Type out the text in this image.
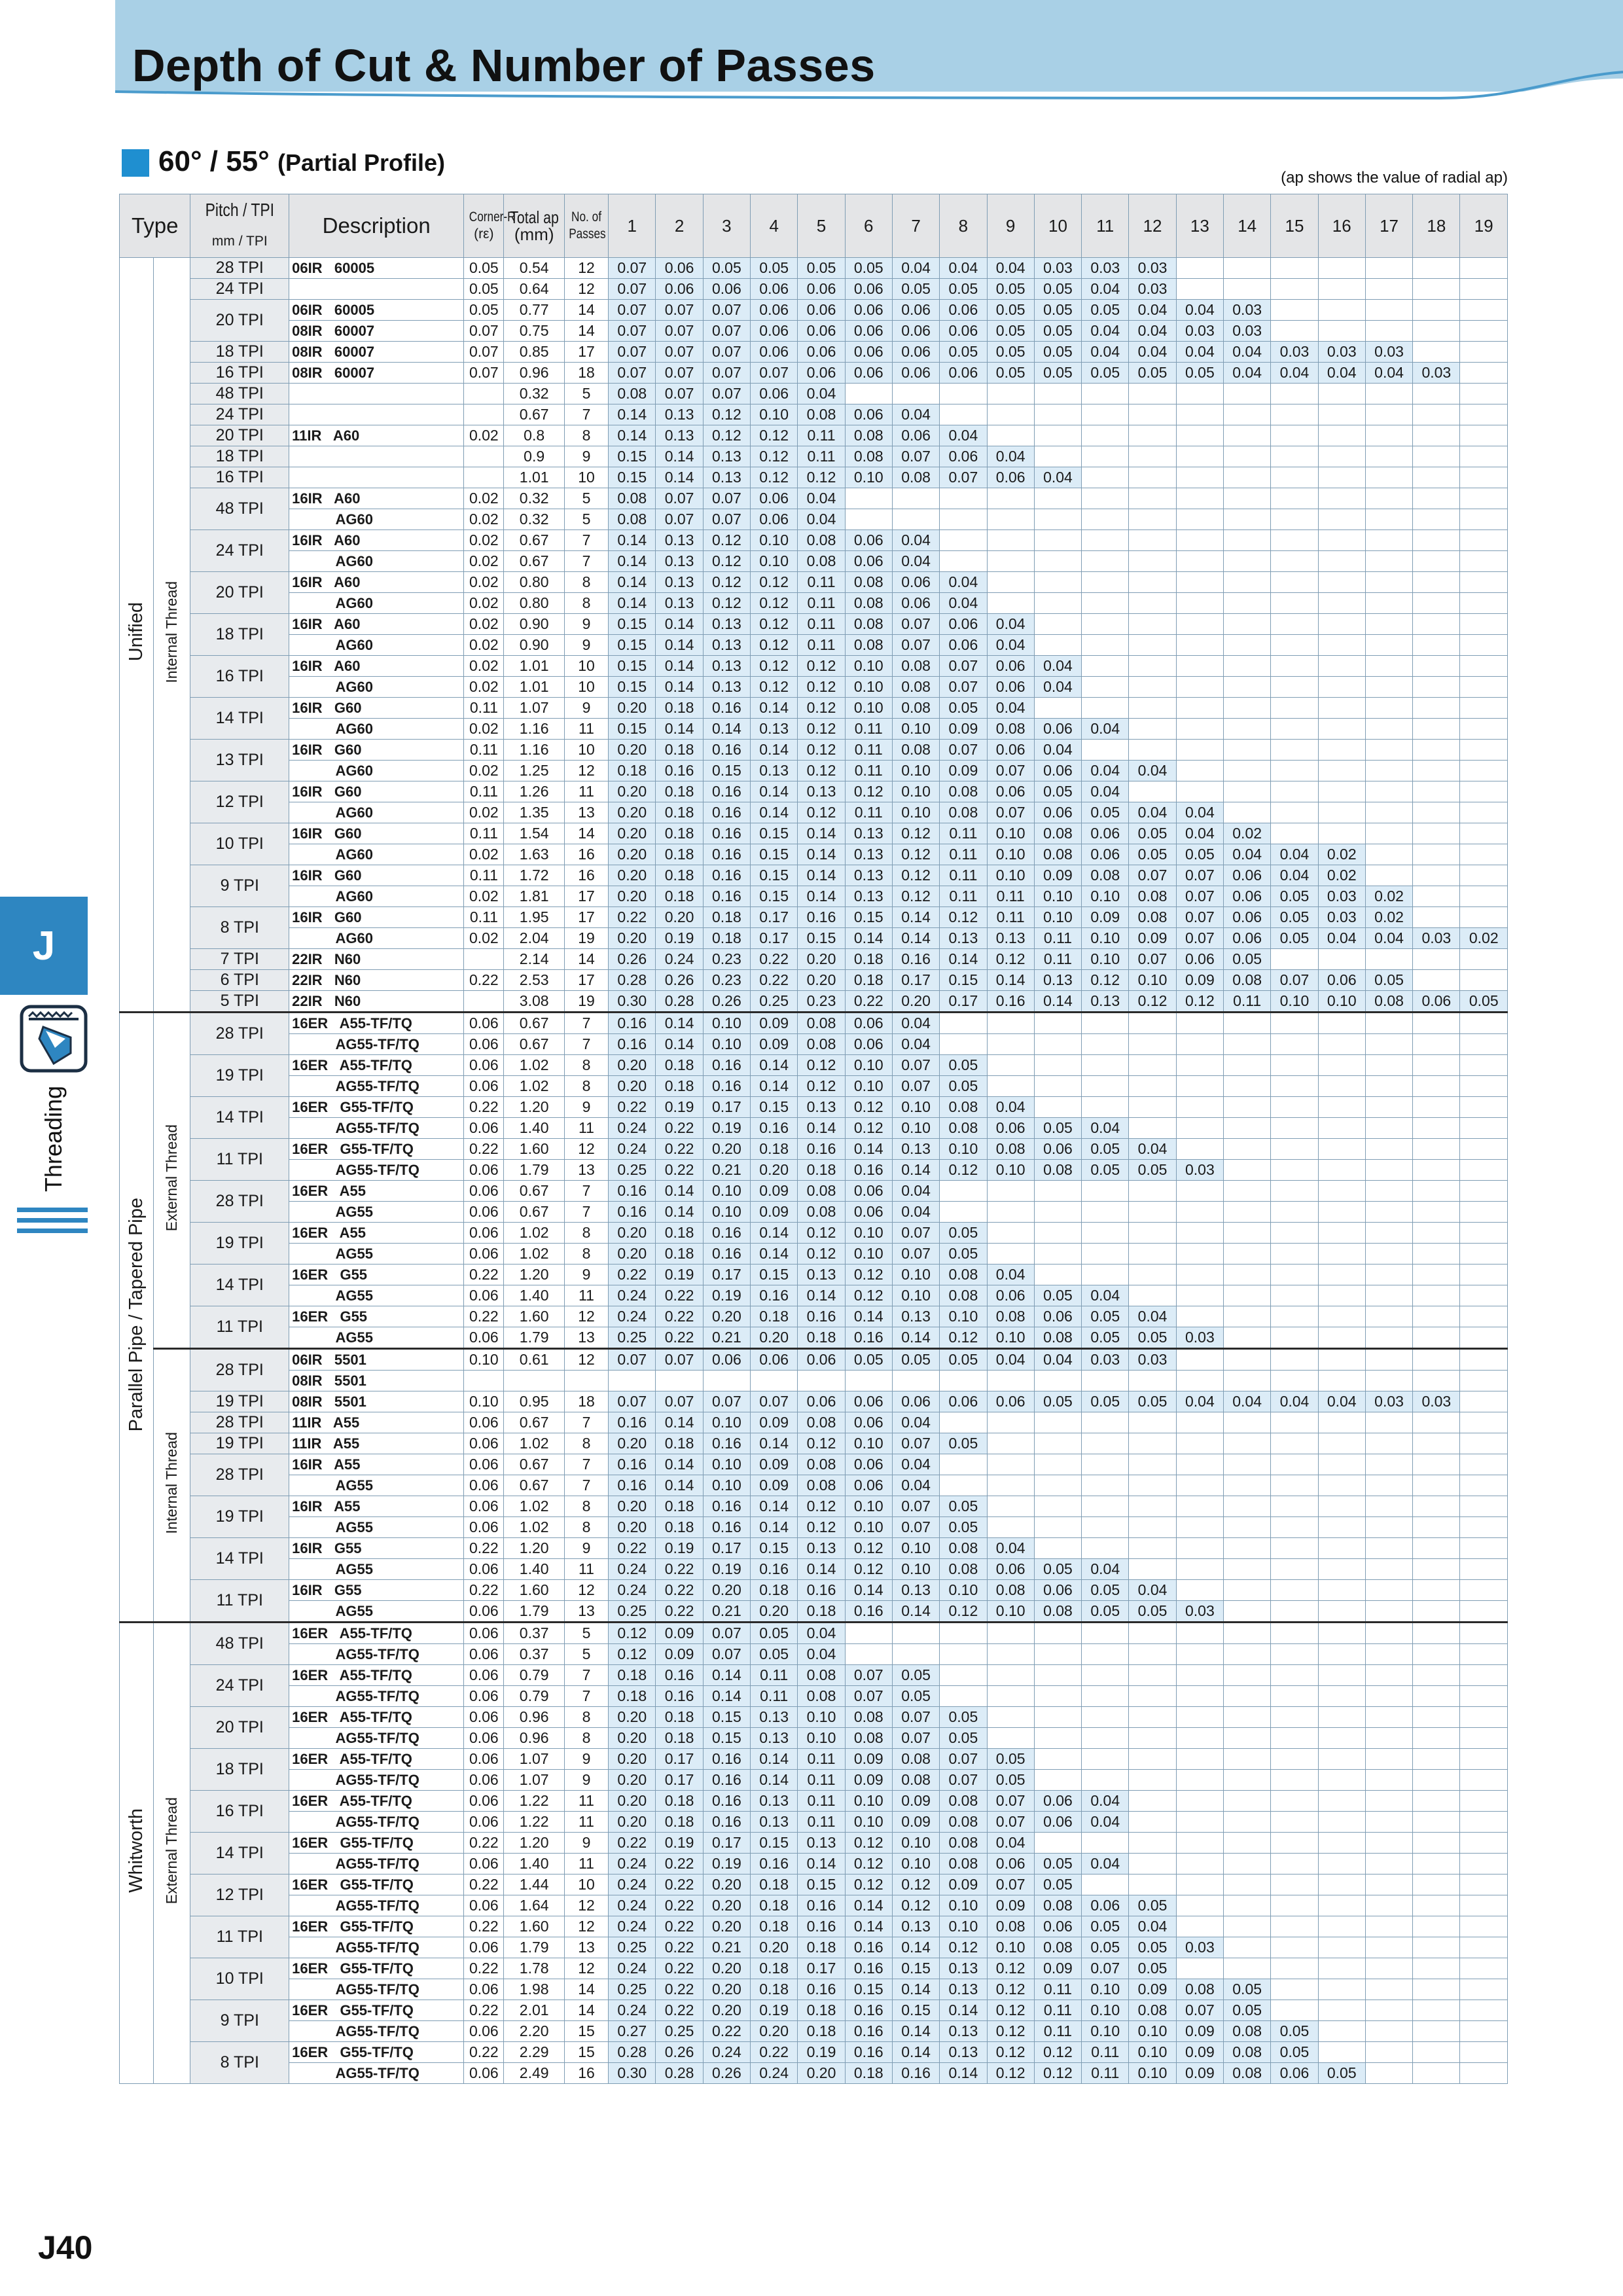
Depth of Cut & Number of Passes
J
Threading
60° / 55° (Partial Profile)
(ap shows the value of radial ap)
Type		Pitch / TPI	Description	Corner-R
(rε)	Total ap
(mm)	No. of
Passes	1	2	3	4	5	6	7	8	9	10	11	12	13	14	15	16	17	18	19
		mm / TPI																							
Unified	Internal Thread	28 TPI	06IR   60005	0.05	0.54	12	0.07	0.06	0.05	0.05	0.05	0.05	0.04	0.04	0.04	0.03	0.03	0.03							
		24 TPI		0.05	0.64	12	0.07	0.06	0.06	0.06	0.06	0.06	0.05	0.05	0.05	0.05	0.04	0.03							
		20 TPI	06IR   60005	0.05	0.77	14	0.07	0.07	0.07	0.06	0.06	0.06	0.06	0.06	0.05	0.05	0.05	0.04	0.04	0.03					
			08IR   60007	0.07	0.75	14	0.07	0.07	0.07	0.06	0.06	0.06	0.06	0.06	0.05	0.05	0.04	0.04	0.03	0.03					
		18 TPI	08IR   60007	0.07	0.85	17	0.07	0.07	0.07	0.06	0.06	0.06	0.06	0.05	0.05	0.05	0.04	0.04	0.04	0.04	0.03	0.03	0.03		
		16 TPI	08IR   60007	0.07	0.96	18	0.07	0.07	0.07	0.07	0.06	0.06	0.06	0.06	0.05	0.05	0.05	0.05	0.05	0.04	0.04	0.04	0.04	0.03	
		48 TPI			0.32	5	0.08	0.07	0.07	0.06	0.04														
		24 TPI			0.67	7	0.14	0.13	0.12	0.10	0.08	0.06	0.04												
		20 TPI	11IR   A60	0.02	0.8	8	0.14	0.13	0.12	0.12	0.11	0.08	0.06	0.04											
		18 TPI			0.9	9	0.15	0.14	0.13	0.12	0.11	0.08	0.07	0.06	0.04										
		16 TPI			1.01	10	0.15	0.14	0.13	0.12	0.12	0.10	0.08	0.07	0.06	0.04									
		48 TPI	16IR   A60	0.02	0.32	5	0.08	0.07	0.07	0.06	0.04														
			AG60	0.02	0.32	5	0.08	0.07	0.07	0.06	0.04														
		24 TPI	16IR   A60	0.02	0.67	7	0.14	0.13	0.12	0.10	0.08	0.06	0.04												
			AG60	0.02	0.67	7	0.14	0.13	0.12	0.10	0.08	0.06	0.04												
		20 TPI	16IR   A60	0.02	0.80	8	0.14	0.13	0.12	0.12	0.11	0.08	0.06	0.04											
			AG60	0.02	0.80	8	0.14	0.13	0.12	0.12	0.11	0.08	0.06	0.04											
		18 TPI	16IR   A60	0.02	0.90	9	0.15	0.14	0.13	0.12	0.11	0.08	0.07	0.06	0.04										
			AG60	0.02	0.90	9	0.15	0.14	0.13	0.12	0.11	0.08	0.07	0.06	0.04										
		16 TPI	16IR   A60	0.02	1.01	10	0.15	0.14	0.13	0.12	0.12	0.10	0.08	0.07	0.06	0.04									
			AG60	0.02	1.01	10	0.15	0.14	0.13	0.12	0.12	0.10	0.08	0.07	0.06	0.04									
		14 TPI	16IR   G60	0.11	1.07	9	0.20	0.18	0.16	0.14	0.12	0.10	0.08	0.05	0.04										
			AG60	0.02	1.16	11	0.15	0.14	0.14	0.13	0.12	0.11	0.10	0.09	0.08	0.06	0.04								
		13 TPI	16IR   G60	0.11	1.16	10	0.20	0.18	0.16	0.14	0.12	0.11	0.08	0.07	0.06	0.04									
			AG60	0.02	1.25	12	0.18	0.16	0.15	0.13	0.12	0.11	0.10	0.09	0.07	0.06	0.04	0.04							
		12 TPI	16IR   G60	0.11	1.26	11	0.20	0.18	0.16	0.14	0.13	0.12	0.10	0.08	0.06	0.05	0.04								
			AG60	0.02	1.35	13	0.20	0.18	0.16	0.14	0.12	0.11	0.10	0.08	0.07	0.06	0.05	0.04	0.04						
		10 TPI	16IR   G60	0.11	1.54	14	0.20	0.18	0.16	0.15	0.14	0.13	0.12	0.11	0.10	0.08	0.06	0.05	0.04	0.02					
			AG60	0.02	1.63	16	0.20	0.18	0.16	0.15	0.14	0.13	0.12	0.11	0.10	0.08	0.06	0.05	0.05	0.04	0.04	0.02			
		9 TPI	16IR   G60	0.11	1.72	16	0.20	0.18	0.16	0.15	0.14	0.13	0.12	0.11	0.10	0.09	0.08	0.07	0.07	0.06	0.04	0.02			
			AG60	0.02	1.81	17	0.20	0.18	0.16	0.15	0.14	0.13	0.12	0.11	0.11	0.10	0.10	0.08	0.07	0.06	0.05	0.03	0.02		
		8 TPI	16IR   G60	0.11	1.95	17	0.22	0.20	0.18	0.17	0.16	0.15	0.14	0.12	0.11	0.10	0.09	0.08	0.07	0.06	0.05	0.03	0.02		
			AG60	0.02	2.04	19	0.20	0.19	0.18	0.17	0.15	0.14	0.14	0.13	0.13	0.11	0.10	0.09	0.07	0.06	0.05	0.04	0.04	0.03	0.02
		7 TPI	22IR   N60		2.14	14	0.26	0.24	0.23	0.22	0.20	0.18	0.16	0.14	0.12	0.11	0.10	0.07	0.06	0.05					
		6 TPI	22IR   N60	0.22	2.53	17	0.28	0.26	0.23	0.22	0.20	0.18	0.17	0.15	0.14	0.13	0.12	0.10	0.09	0.08	0.07	0.06	0.05		
		5 TPI	22IR   N60		3.08	19	0.30	0.28	0.26	0.25	0.23	0.22	0.20	0.17	0.16	0.14	0.13	0.12	0.12	0.11	0.10	0.10	0.08	0.06	0.05
Parallel Pipe / Tapered Pipe	External Thread	28 TPI	16ER   A55-TF/TQ	0.06	0.67	7	0.16	0.14	0.10	0.09	0.08	0.06	0.04												
			AG55-TF/TQ	0.06	0.67	7	0.16	0.14	0.10	0.09	0.08	0.06	0.04												
		19 TPI	16ER   A55-TF/TQ	0.06	1.02	8	0.20	0.18	0.16	0.14	0.12	0.10	0.07	0.05											
			AG55-TF/TQ	0.06	1.02	8	0.20	0.18	0.16	0.14	0.12	0.10	0.07	0.05											
		14 TPI	16ER   G55-TF/TQ	0.22	1.20	9	0.22	0.19	0.17	0.15	0.13	0.12	0.10	0.08	0.04										
			AG55-TF/TQ	0.06	1.40	11	0.24	0.22	0.19	0.16	0.14	0.12	0.10	0.08	0.06	0.05	0.04								
		11 TPI	16ER   G55-TF/TQ	0.22	1.60	12	0.24	0.22	0.20	0.18	0.16	0.14	0.13	0.10	0.08	0.06	0.05	0.04							
			AG55-TF/TQ	0.06	1.79	13	0.25	0.22	0.21	0.20	0.18	0.16	0.14	0.12	0.10	0.08	0.05	0.05	0.03						
		28 TPI	16ER   A55	0.06	0.67	7	0.16	0.14	0.10	0.09	0.08	0.06	0.04												
			AG55	0.06	0.67	7	0.16	0.14	0.10	0.09	0.08	0.06	0.04												
		19 TPI	16ER   A55	0.06	1.02	8	0.20	0.18	0.16	0.14	0.12	0.10	0.07	0.05											
			AG55	0.06	1.02	8	0.20	0.18	0.16	0.14	0.12	0.10	0.07	0.05											
		14 TPI	16ER   G55	0.22	1.20	9	0.22	0.19	0.17	0.15	0.13	0.12	0.10	0.08	0.04										
			AG55	0.06	1.40	11	0.24	0.22	0.19	0.16	0.14	0.12	0.10	0.08	0.06	0.05	0.04								
		11 TPI	16ER   G55	0.22	1.60	12	0.24	0.22	0.20	0.18	0.16	0.14	0.13	0.10	0.08	0.06	0.05	0.04							
			AG55	0.06	1.79	13	0.25	0.22	0.21	0.20	0.18	0.16	0.14	0.12	0.10	0.08	0.05	0.05	0.03						
	Internal Thread	28 TPI	06IR   5501	0.10	0.61	12	0.07	0.07	0.06	0.06	0.06	0.05	0.05	0.05	0.04	0.04	0.03	0.03							
			08IR   5501																						
		19 TPI	08IR   5501	0.10	0.95	18	0.07	0.07	0.07	0.07	0.06	0.06	0.06	0.06	0.06	0.05	0.05	0.05	0.04	0.04	0.04	0.04	0.03	0.03	
		28 TPI	11IR   A55	0.06	0.67	7	0.16	0.14	0.10	0.09	0.08	0.06	0.04												
		19 TPI	11IR   A55	0.06	1.02	8	0.20	0.18	0.16	0.14	0.12	0.10	0.07	0.05											
		28 TPI	16IR   A55	0.06	0.67	7	0.16	0.14	0.10	0.09	0.08	0.06	0.04												
			AG55	0.06	0.67	7	0.16	0.14	0.10	0.09	0.08	0.06	0.04												
		19 TPI	16IR   A55	0.06	1.02	8	0.20	0.18	0.16	0.14	0.12	0.10	0.07	0.05											
			AG55	0.06	1.02	8	0.20	0.18	0.16	0.14	0.12	0.10	0.07	0.05											
		14 TPI	16IR   G55	0.22	1.20	9	0.22	0.19	0.17	0.15	0.13	0.12	0.10	0.08	0.04										
			AG55	0.06	1.40	11	0.24	0.22	0.19	0.16	0.14	0.12	0.10	0.08	0.06	0.05	0.04								
		11 TPI	16IR   G55	0.22	1.60	12	0.24	0.22	0.20	0.18	0.16	0.14	0.13	0.10	0.08	0.06	0.05	0.04							
			AG55	0.06	1.79	13	0.25	0.22	0.21	0.20	0.18	0.16	0.14	0.12	0.10	0.08	0.05	0.05	0.03						
Whitworth	External Thread	48 TPI	16ER   A55-TF/TQ	0.06	0.37	5	0.12	0.09	0.07	0.05	0.04														
			AG55-TF/TQ	0.06	0.37	5	0.12	0.09	0.07	0.05	0.04														
		24 TPI	16ER   A55-TF/TQ	0.06	0.79	7	0.18	0.16	0.14	0.11	0.08	0.07	0.05												
			AG55-TF/TQ	0.06	0.79	7	0.18	0.16	0.14	0.11	0.08	0.07	0.05												
		20 TPI	16ER   A55-TF/TQ	0.06	0.96	8	0.20	0.18	0.15	0.13	0.10	0.08	0.07	0.05											
			AG55-TF/TQ	0.06	0.96	8	0.20	0.18	0.15	0.13	0.10	0.08	0.07	0.05											
		18 TPI	16ER   A55-TF/TQ	0.06	1.07	9	0.20	0.17	0.16	0.14	0.11	0.09	0.08	0.07	0.05										
			AG55-TF/TQ	0.06	1.07	9	0.20	0.17	0.16	0.14	0.11	0.09	0.08	0.07	0.05										
		16 TPI	16ER   A55-TF/TQ	0.06	1.22	11	0.20	0.18	0.16	0.13	0.11	0.10	0.09	0.08	0.07	0.06	0.04								
			AG55-TF/TQ	0.06	1.22	11	0.20	0.18	0.16	0.13	0.11	0.10	0.09	0.08	0.07	0.06	0.04								
		14 TPI	16ER   G55-TF/TQ	0.22	1.20	9	0.22	0.19	0.17	0.15	0.13	0.12	0.10	0.08	0.04										
			AG55-TF/TQ	0.06	1.40	11	0.24	0.22	0.19	0.16	0.14	0.12	0.10	0.08	0.06	0.05	0.04								
		12 TPI	16ER   G55-TF/TQ	0.22	1.44	10	0.24	0.22	0.20	0.18	0.15	0.12	0.12	0.09	0.07	0.05									
			AG55-TF/TQ	0.06	1.64	12	0.24	0.22	0.20	0.18	0.16	0.14	0.12	0.10	0.09	0.08	0.06	0.05							
		11 TPI	16ER   G55-TF/TQ	0.22	1.60	12	0.24	0.22	0.20	0.18	0.16	0.14	0.13	0.10	0.08	0.06	0.05	0.04							
			AG55-TF/TQ	0.06	1.79	13	0.25	0.22	0.21	0.20	0.18	0.16	0.14	0.12	0.10	0.08	0.05	0.05	0.03						
		10 TPI	16ER   G55-TF/TQ	0.22	1.78	12	0.24	0.22	0.20	0.18	0.17	0.16	0.15	0.13	0.12	0.09	0.07	0.05							
			AG55-TF/TQ	0.06	1.98	14	0.25	0.22	0.20	0.18	0.16	0.15	0.14	0.13	0.12	0.11	0.10	0.09	0.08	0.05					
		9 TPI	16ER   G55-TF/TQ	0.22	2.01	14	0.24	0.22	0.20	0.19	0.18	0.16	0.15	0.14	0.12	0.11	0.10	0.08	0.07	0.05					
			AG55-TF/TQ	0.06	2.20	15	0.27	0.25	0.22	0.20	0.18	0.16	0.14	0.13	0.12	0.11	0.10	0.10	0.09	0.08	0.05				
		8 TPI	16ER   G55-TF/TQ	0.22	2.29	15	0.28	0.26	0.24	0.22	0.19	0.16	0.14	0.13	0.12	0.12	0.11	0.10	0.09	0.08	0.05				
			AG55-TF/TQ	0.06	2.49	16	0.30	0.28	0.26	0.24	0.20	0.18	0.16	0.14	0.12	0.12	0.11	0.10	0.09	0.08	0.06	0.05			
J40
